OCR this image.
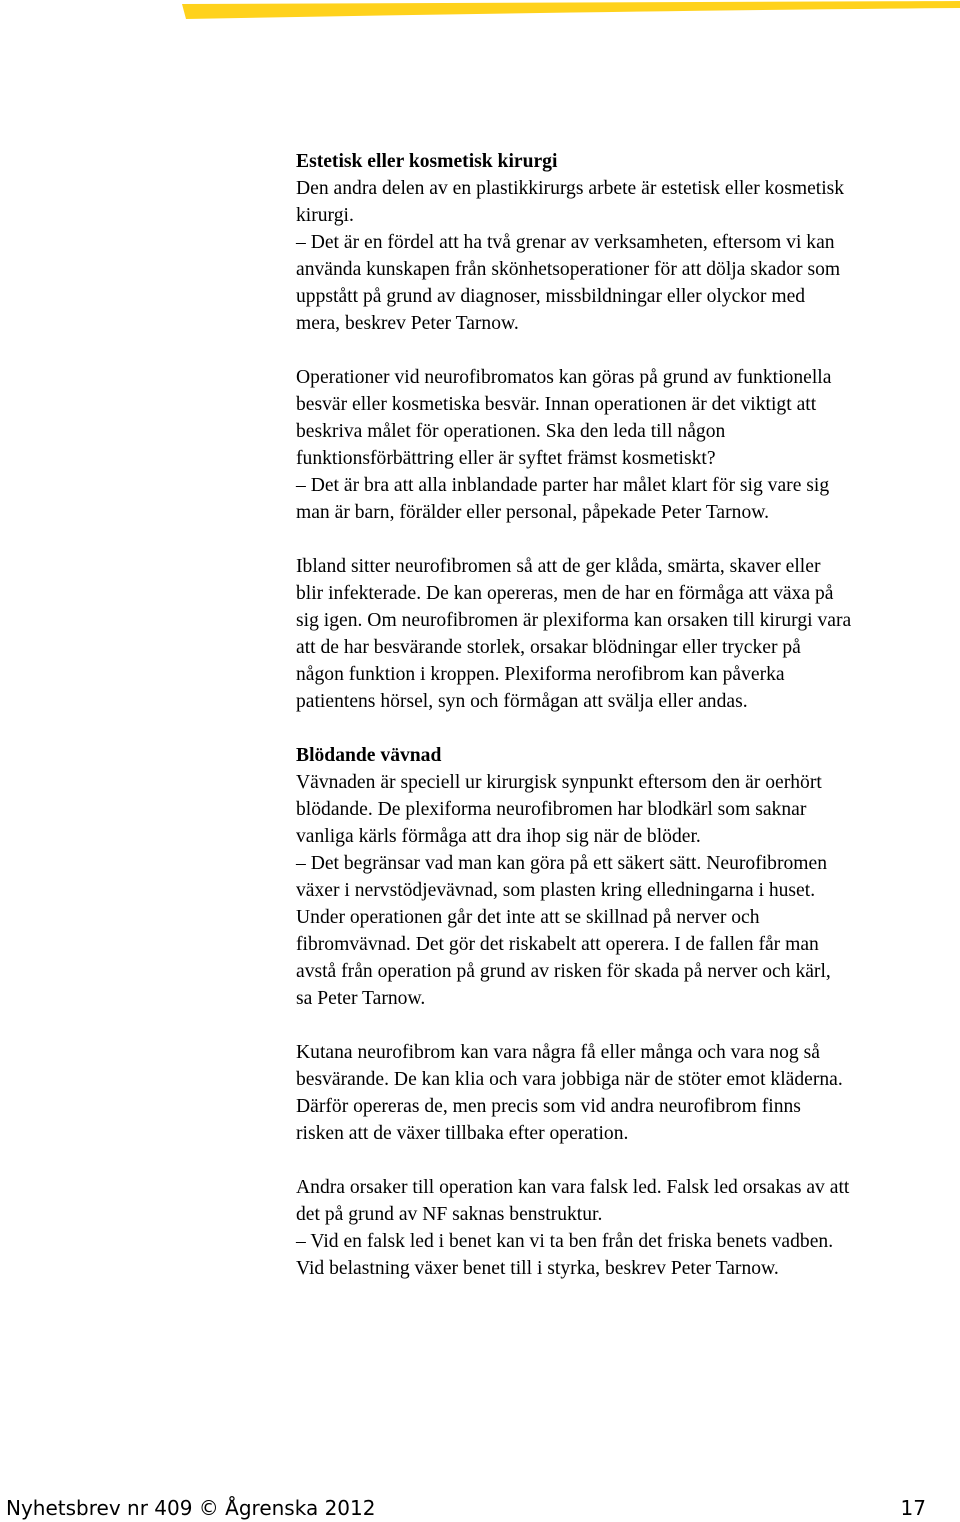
Estetisk eller kosmetisk kirurgi

Den andra delen av en plastikkirurgs arbete är estetisk eller kosmetisk
kirurgi.

– Det är en fördel att ha två grenar av verksamheten, eftersom vi kan
använda kunskapen från skönhetsoperationer för att dölja skador som
uppstått på grund av diagnoser, missbildningar eller olyckor med
mera, beskrev Peter Tarnow.

Operationer vid neurofibromatos kan göras på grund av funktionella
besvär eller kosmetiska besvär. Innan operationen är det viktigt att
beskriva målet för operationen. Ska den leda till någon
funktionsförbättring eller är syftet främst kosmetiskt?

– Det är bra att alla inblandade parter har målet klart för sig vare sig
man är barn, förälder eller personal, påpekade Peter Tarnow.

Ibland sitter neurofibromen så att de ger klåda, smärta, skaver eller
blir infekterade. De kan opereras, men de har en förmåga att växa på
sig igen. Om neurofibromen är plexiforma kan orsaken till kirurgi vara
att de har besvärande storlek, orsakar blödningar eller trycker på
någon funktion i kroppen. Plexiforma nerofibrom kan påverka
patientens hörsel, syn och förmågan att svälja eller andas.

Blödande vävnad

Vävnaden är speciell ur kirurgisk synpunkt eftersom den är oerhört
blödande. De plexiforma neurofibromen har blodkärl som saknar
vanliga kärls förmåga att dra ihop sig när de blöder.

– Det begränsar vad man kan göra på ett säkert sätt. Neurofibromen
växer i nervstödjevävnad, som plasten kring elledningarna i huset.
Under operationen går det inte att se skillnad på nerver och
fibromvävnad. Det gör det riskabelt att operera. I de fallen får man
avstå från operation på grund av risken för skada på nerver och kärl,
sa Peter Tarnow.

Kutana neurofibrom kan vara några få eller många och vara nog så
besvärande. De kan klia och vara jobbiga när de stöter emot kläderna.
Därför opereras de, men precis som vid andra neurofibrom finns
risken att de växer tillbaka efter operation.

Andra orsaker till operation kan vara falsk led. Falsk led orsakas av att
det på grund av NF saknas benstruktur.

– Vid en falsk led i benet kan vi ta ben från det friska benets vadben.
Vid belastning växer benet till i styrka, beskrev Peter Tarnow.

Nyhetsbrev nr 409 © Ågrenska 2012	17
